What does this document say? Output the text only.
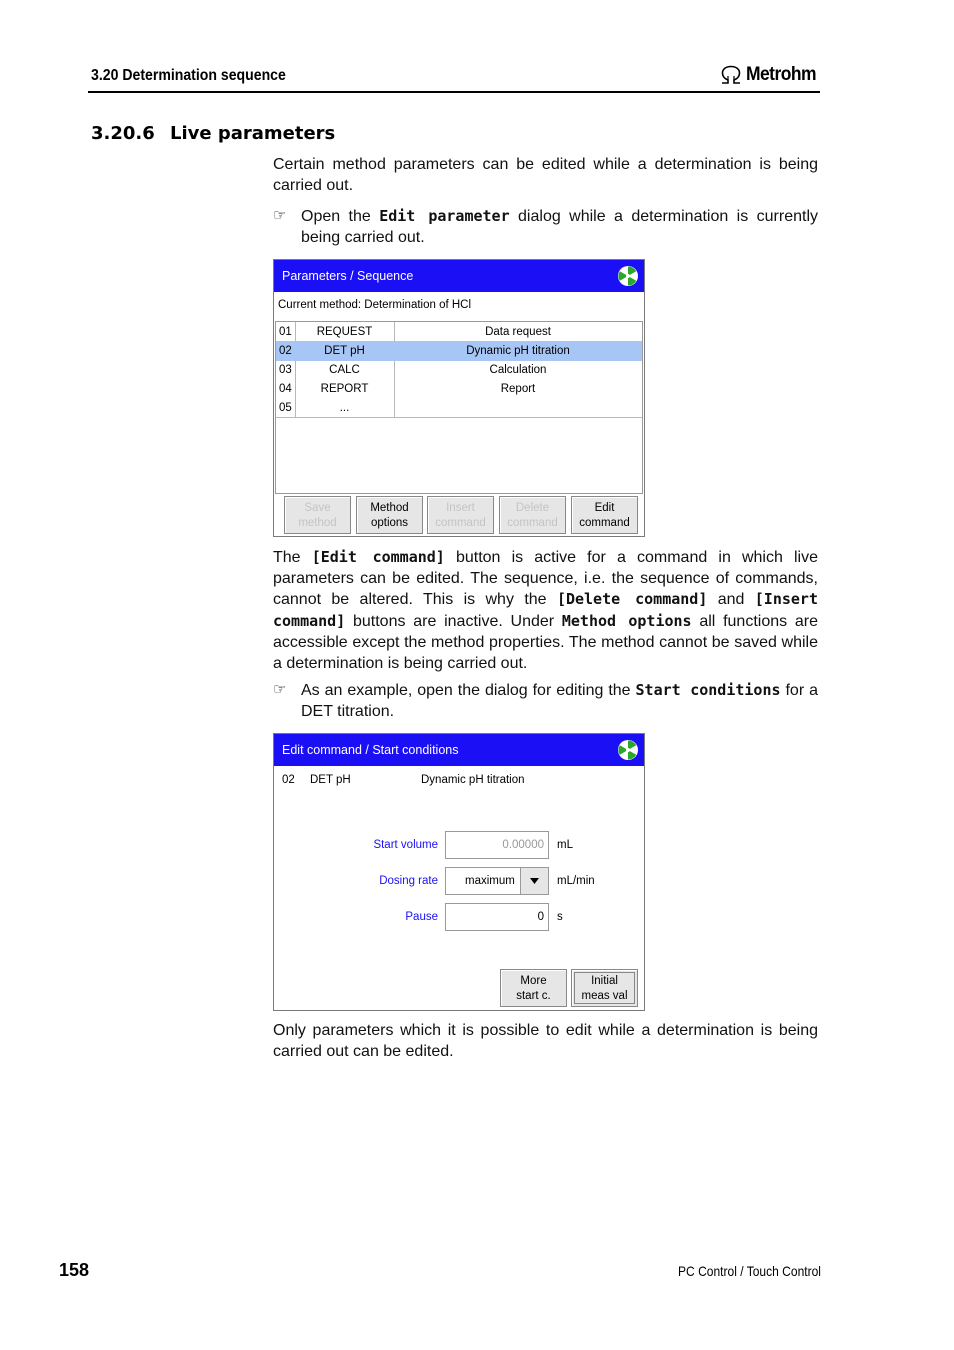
3.20 Determination sequence	Metrohm
3.20.6 Live parameters
Certain method parameters can be edited while a determination is being carried out.
☞ Open the Edit parameter dialog while a determination is currently being carried out.
Parameters / Sequence
Current method: Determination of HCl
01	REQUEST	Data request
02	DET pH	Dynamic pH titration
03	CALC	Calculation
04	REPORT	Report
05	...
Save
method
Method
options
Insert
command
Delete
command
Edit
command
The [Edit command] button is active for a command in which live parameters can be edited. The sequence, i.e. the sequence of commands, cannot be altered. This is why the [Delete command] and [Insert command] buttons are inactive. Under Method options all functions are accessible except the method properties. The method cannot be saved while a determination is being carried out.
☞ As an example, open the dialog for editing the Start conditions for a DET titration.
Edit command / Start conditions
02 DET pH	Dynamic pH titration
Start volume	0.00000	mL
Dosing rate maximum	mL/min
Pause	0	s
More
start c.
Initial
meas val
Only parameters which it is possible to edit while a determination is being carried out can be edited.
158	PC Control / Touch Control
